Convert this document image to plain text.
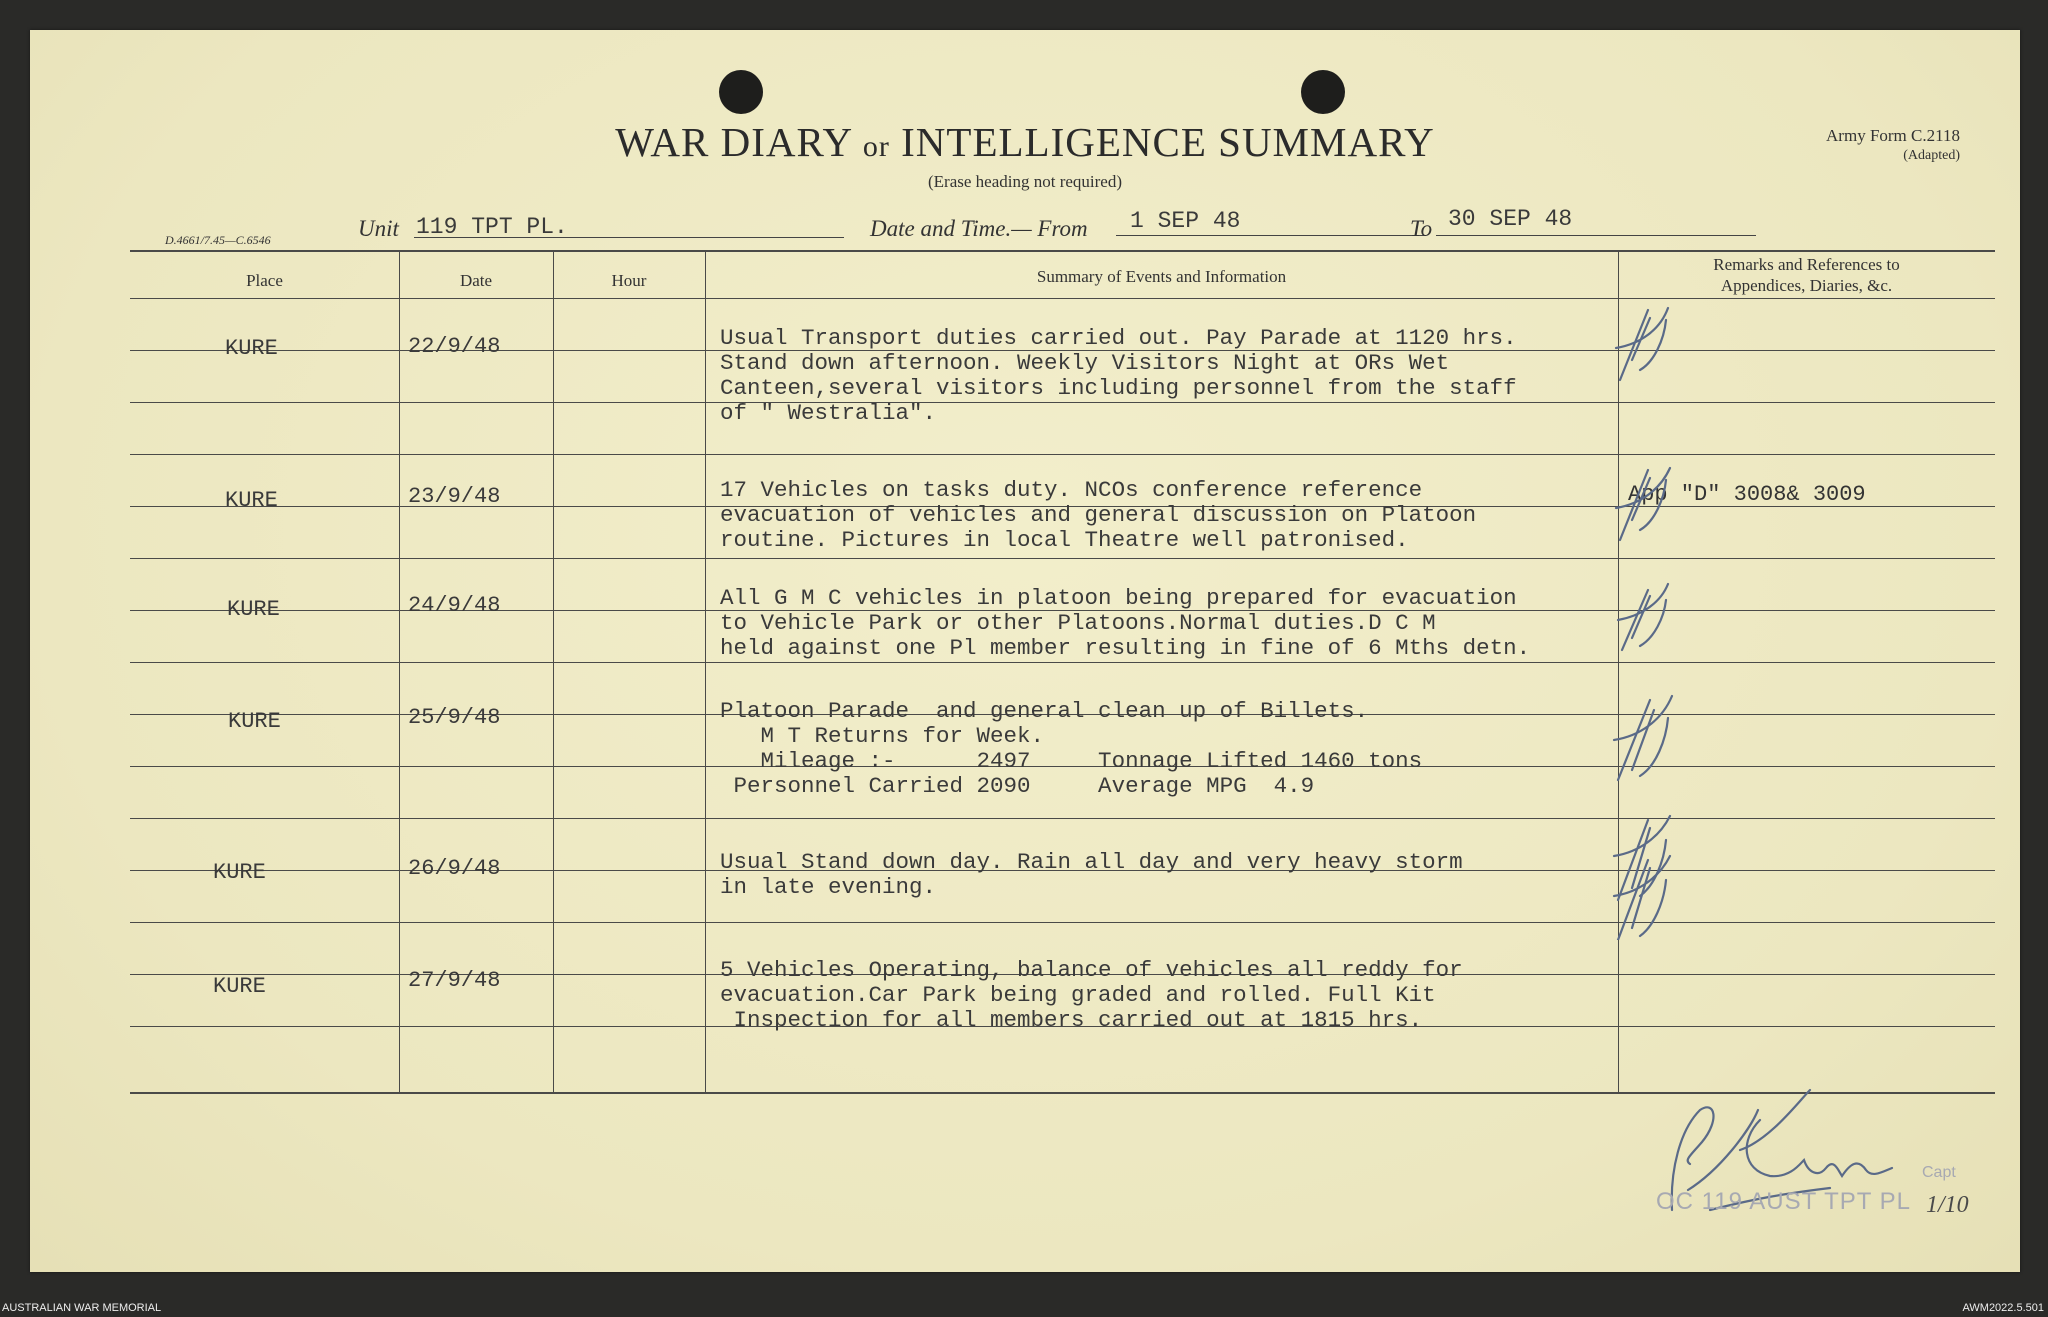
WAR DIARY or INTELLIGENCE SUMMARY
(Erase heading not required)
Army Form C.2118
(Adapted)
D.4661/7.45—C.6546	Unit 119 TPT PL.	Date and Time.— From 1 SEP 48	To 30 SEP 48
Place	Date	Hour	Summary of Events and Information
Remarks and References to
Appendices, Diaries, &c.
KURE	22/9/48	Usual Transport duties carried out. Pay Parade at 1120 hrs.
Stand down afternoon. Weekly Visitors Night at ORs Wet
Canteen,several visitors including personnel from the staff
of " Westralia".
KURE	23/9/48	17 Vehicles on tasks duty. NCOs conference reference
evacuation of vehicles and general discussion on Platoon
routine. Pictures in local Theatre well patronised.
App "D" 3008& 3009
KURE	24/9/48	All G M C vehicles in platoon being prepared for evacuation
to Vehicle Park or other Platoons.Normal duties.D C M
held against one Pl member resulting in fine of 6 Mths detn.
KURE	25/9/48	Platoon Parade  and general clean up of Billets.
M T Returns for Week.
Mileage :-      2497     Tonnage Lifted 1460 tons
Personnel Carried 2090     Average MPG  4.9
KURE	26/9/48	Usual Stand down day. Rain all day and very heavy storm
in late evening.
KURE	27/9/48	5 Vehicles Operating, balance of vehicles all reddy for
evacuation.Car Park being graded and rolled. Full Kit
Inspection for all members carried out at 1815 hrs.
Capt
OC 119 AUST TPT PL 1/10
AUSTRALIAN WAR MEMORIAL	AWM2022.5.501
